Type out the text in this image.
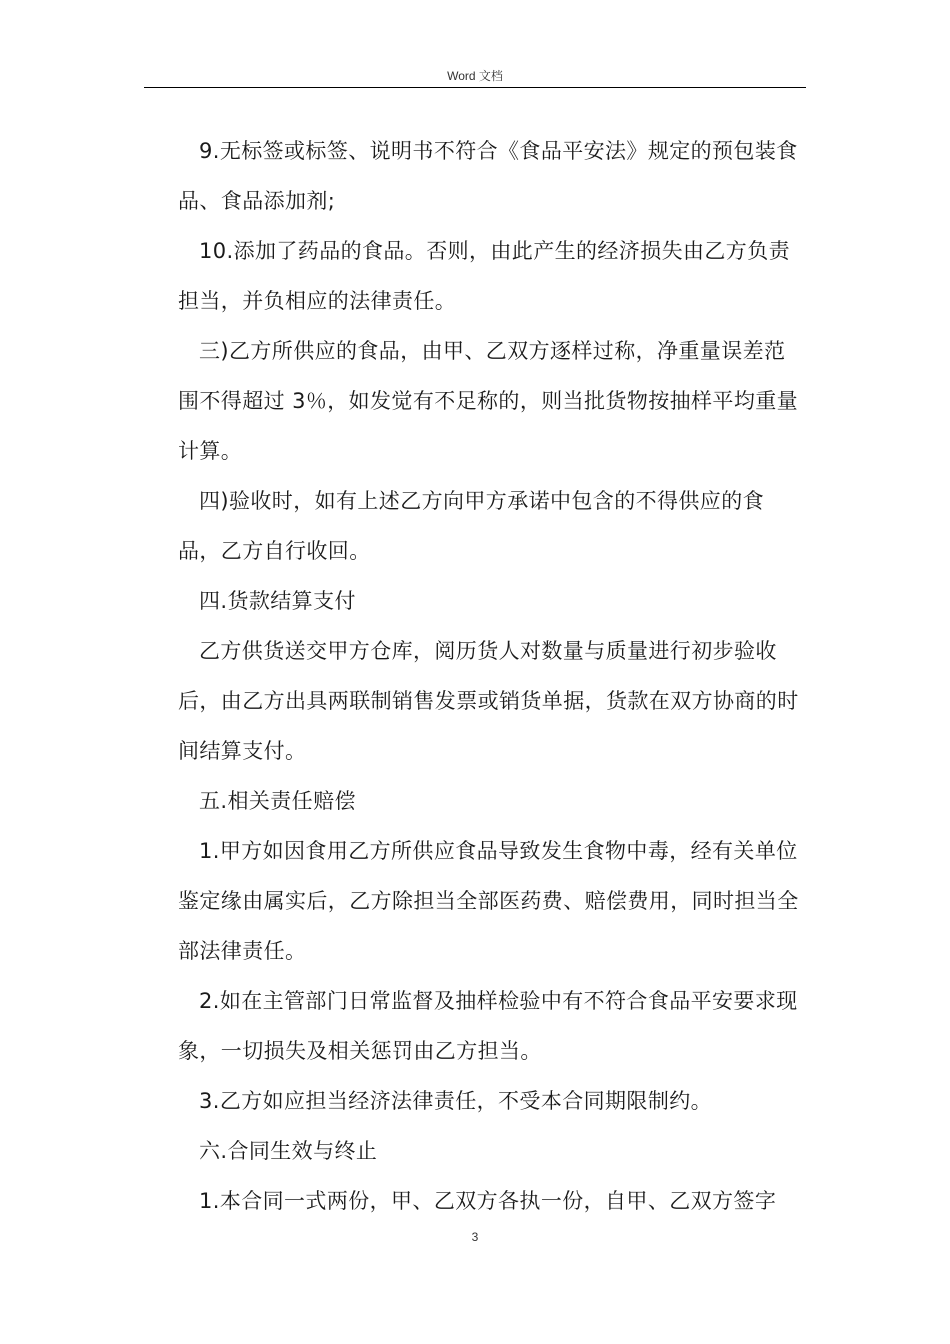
Word 文档

9.无标签或标签、说明书不符合《食品平安法》规定的预包装食品、食品添加剂;

10.添加了药品的食品。否则，由此产生的经济损失由乙方负责担当，并负相应的法律责任。

三)乙方所供应的食品，由甲、乙双方逐样过称，净重量误差范围不得超过 3％，如发觉有不足称的，则当批货物按抽样平均重量计算。

四)验收时，如有上述乙方向甲方承诺中包含的不得供应的食品，乙方自行收回。

四.货款结算支付

乙方供货送交甲方仓库，阅历货人对数量与质量进行初步验收后，由乙方出具两联制销售发票或销货单据，货款在双方协商的时间结算支付。

五.相关责任赔偿

1.甲方如因食用乙方所供应食品导致发生食物中毒，经有关单位鉴定缘由属实后，乙方除担当全部医药费、赔偿费用，同时担当全部法律责任。

2.如在主管部门日常监督及抽样检验中有不符合食品平安要求现象，一切损失及相关惩罚由乙方担当。

3.乙方如应担当经济法律责任，不受本合同期限制约。

六.合同生效与终止

1.本合同一式两份，甲、乙双方各执一份，自甲、乙双方签字

3
